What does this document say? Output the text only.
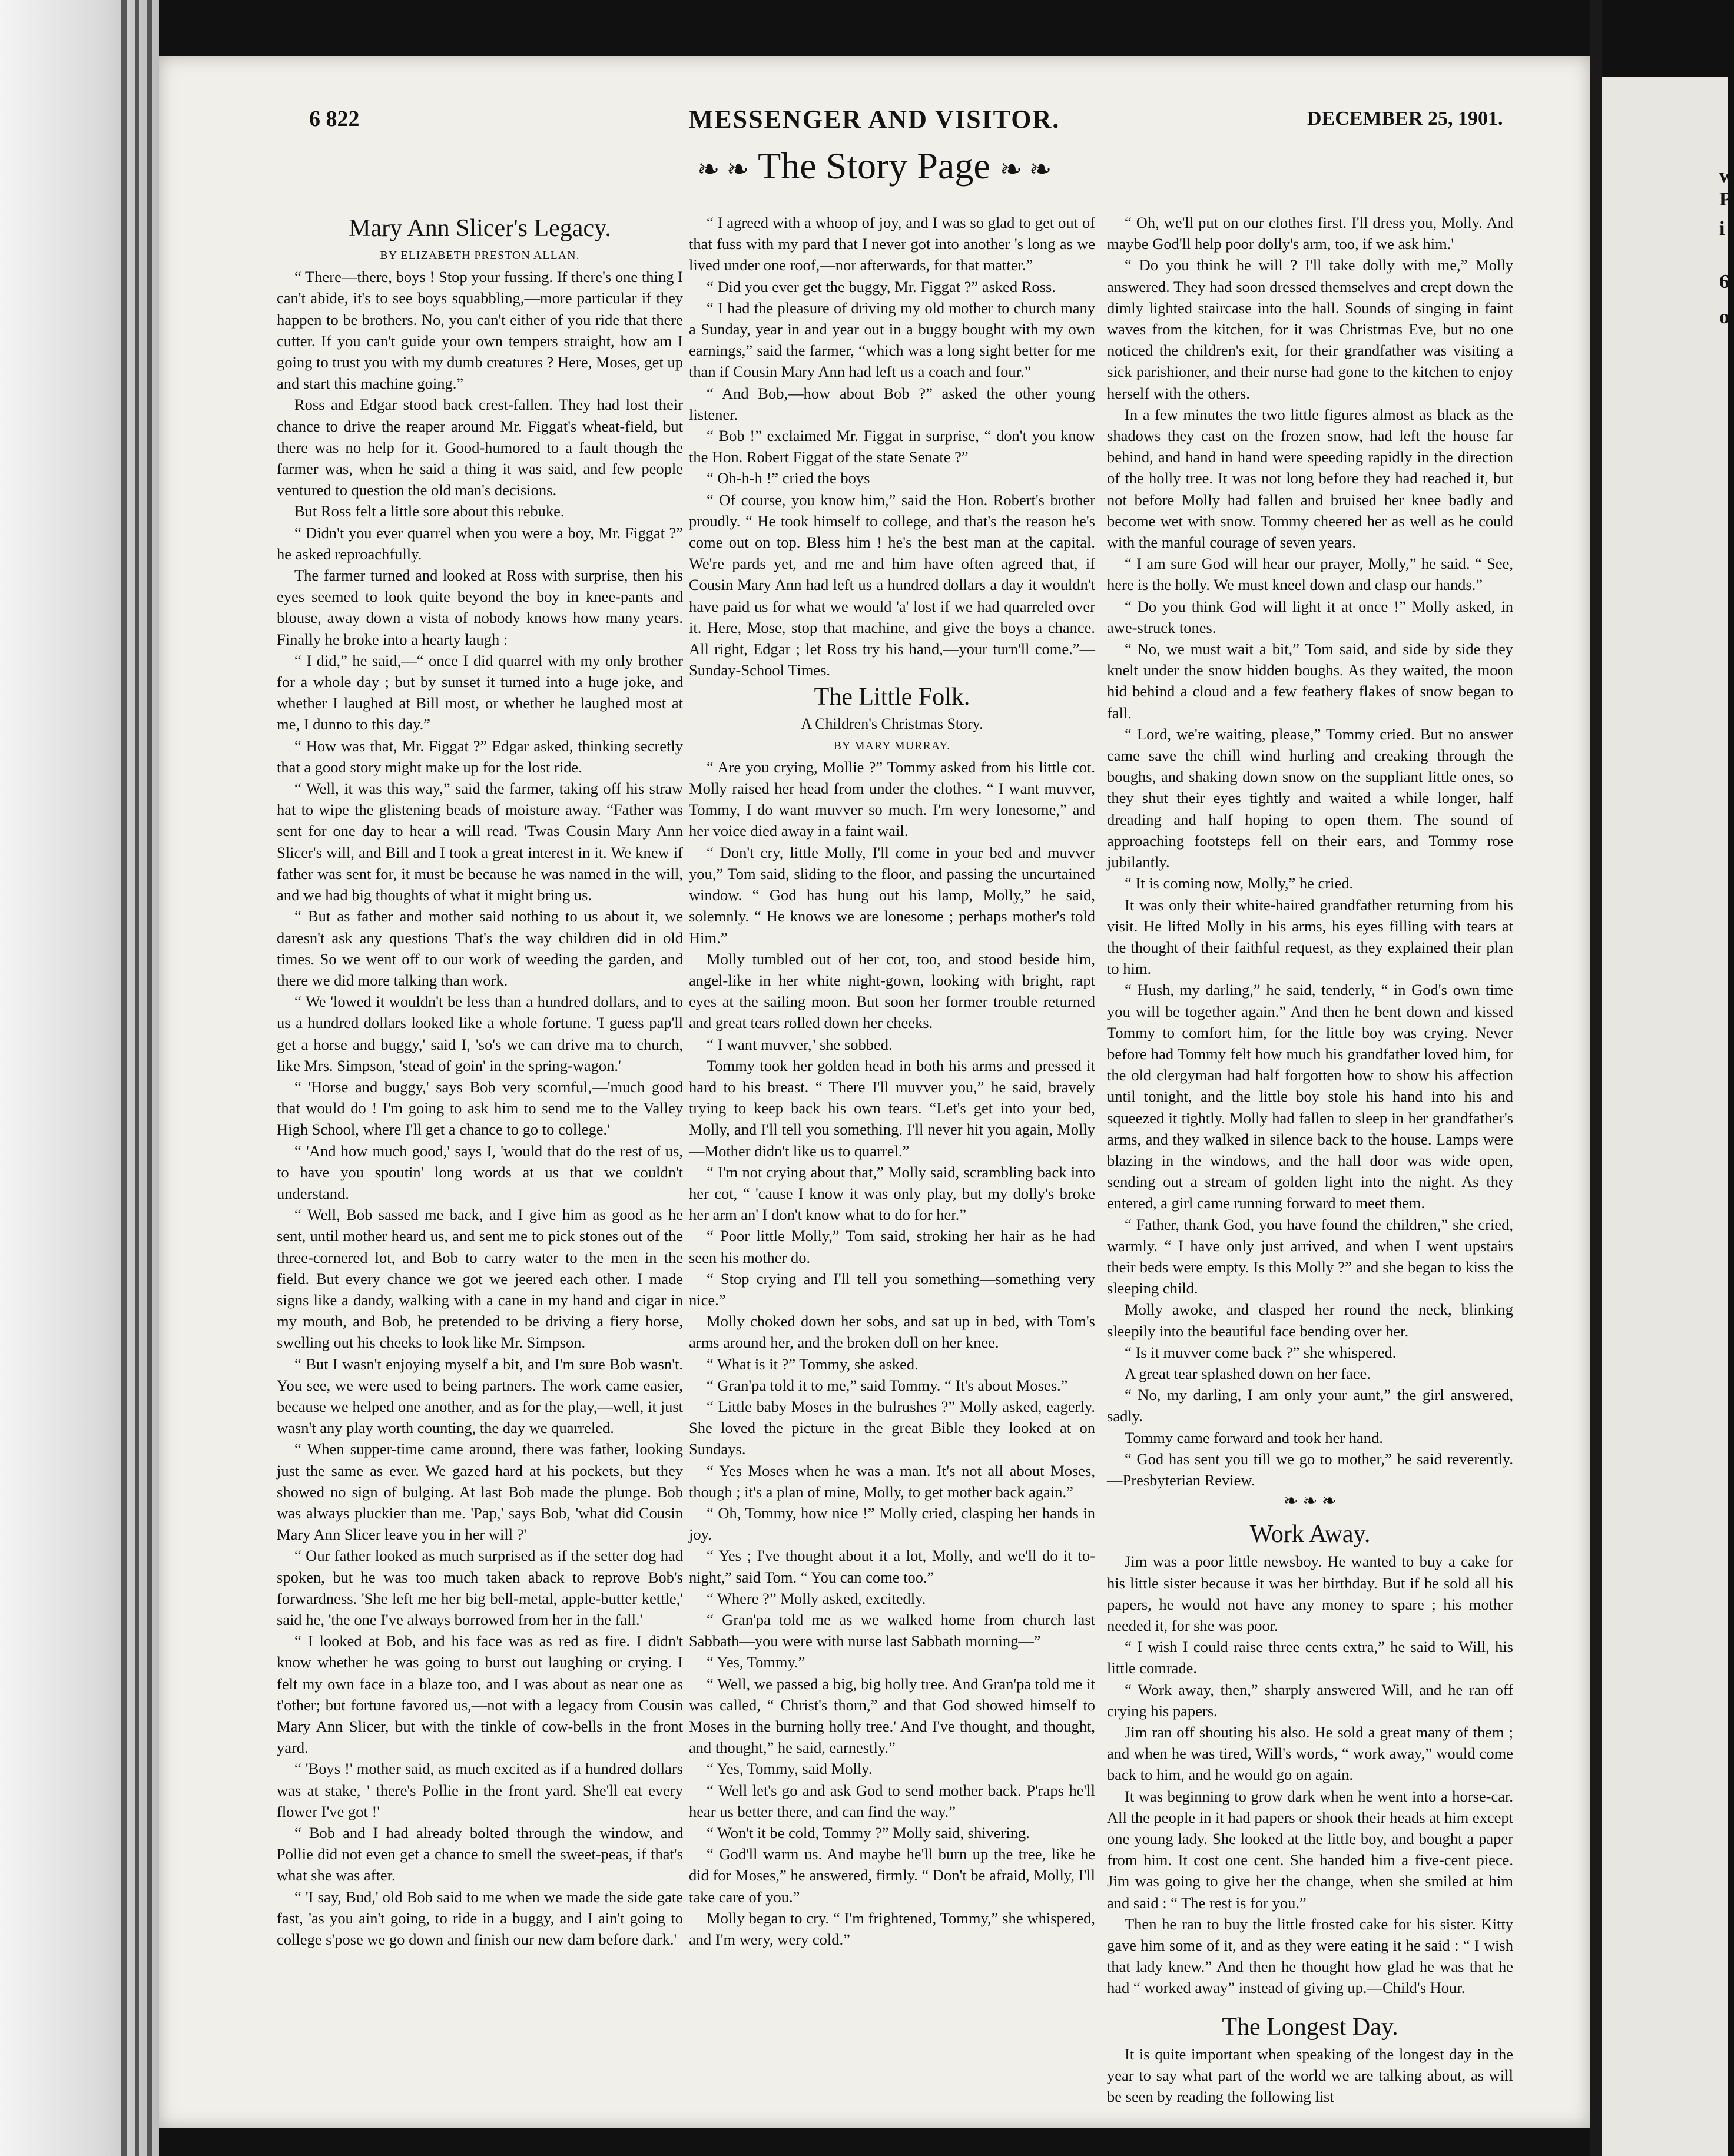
6 822	MESSENGER AND VISITOR.	DECEMBER 25, 1901.
❧ ❧ The Story Page ❧ ❧

Mary Ann Slicer's Legacy.

BY ELIZABETH PRESTON ALLAN.

“ There—there, boys ! Stop your fussing. If there's one thing I can't abide, it's to see boys squabbling,—more particular if they happen to be brothers. No, you can't either of you ride that there cutter. If you can't guide your own tempers straight, how am I going to trust you with my dumb creatures ? Here, Moses, get up and start this machine going.”

Ross and Edgar stood back crest-fallen. They had lost their chance to drive the reaper around Mr. Figgat's wheat-field, but there was no help for it. Good-humored to a fault though the farmer was, when he said a thing it was said, and few people ventured to question the old man's decisions.

But Ross felt a little sore about this rebuke.

“ Didn't you ever quarrel when you were a boy, Mr. Figgat ?” he asked reproachfully.

The farmer turned and looked at Ross with surprise, then his eyes seemed to look quite beyond the boy in knee-pants and blouse, away down a vista of nobody knows how many years. Finally he broke into a hearty laugh :

“ I did,” he said,—“ once I did quarrel with my only brother for a whole day ; but by sunset it turned into a huge joke, and whether I laughed at Bill most, or whether he laughed most at me, I dunno to this day.”

“ How was that, Mr. Figgat ?” Edgar asked, thinking secretly that a good story might make up for the lost ride.

“ Well, it was this way,” said the farmer, taking off his straw hat to wipe the glistening beads of moisture away. “Father was sent for one day to hear a will read. 'Twas Cousin Mary Ann Slicer's will, and Bill and I took a great interest in it. We knew if father was sent for, it must be because he was named in the will, and we had big thoughts of what it might bring us.

“ But as father and mother said nothing to us about it, we daresn't ask any questions That's the way children did in old times. So we went off to our work of weeding the garden, and there we did more talking than work.

“ We 'lowed it wouldn't be less than a hundred dollars, and to us a hundred dollars looked like a whole fortune. 'I guess pap'll get a horse and buggy,' said I, 'so's we can drive ma to church, like Mrs. Simpson, 'stead of goin' in the spring-wagon.'

“ 'Horse and buggy,' says Bob very scornful,—'much good that would do ! I'm going to ask him to send me to the Valley High School, where I'll get a chance to go to college.'

“ 'And how much good,' says I, 'would that do the rest of us, to have you spoutin' long words at us that we couldn't understand.

“ Well, Bob sassed me back, and I give him as good as he sent, until mother heard us, and sent me to pick stones out of the three-cornered lot, and Bob to carry water to the men in the field. But every chance we got we jeered each other. I made signs like a dandy, walking with a cane in my hand and cigar in my mouth, and Bob, he pretended to be driving a fiery horse, swelling out his cheeks to look like Mr. Simpson.

“ But I wasn't enjoying myself a bit, and I'm sure Bob wasn't. You see, we were used to being partners. The work came easier, because we helped one another, and as for the play,—well, it just wasn't any play worth counting, the day we quarreled.

“ When supper-time came around, there was father, looking just the same as ever. We gazed hard at his pockets, but they showed no sign of bulging. At last Bob made the plunge. Bob was always pluckier than me. 'Pap,' says Bob, 'what did Cousin Mary Ann Slicer leave you in her will ?'

“ Our father looked as much surprised as if the setter dog had spoken, but he was too much taken aback to reprove Bob's forwardness. 'She left me her big bell-metal, apple-butter kettle,' said he, 'the one I've always borrowed from her in the fall.'

“ I looked at Bob, and his face was as red as fire. I didn't know whether he was going to burst out laughing or crying. I felt my own face in a blaze too, and I was about as near one as t'other; but fortune favored us,—not with a legacy from Cousin Mary Ann Slicer, but with the tinkle of cow-bells in the front yard.

“ 'Boys !' mother said, as much excited as if a hundred dollars was at stake, ' there's Pollie in the front yard. She'll eat every flower I've got !'

“ Bob and I had already bolted through the window, and Pollie did not even get a chance to smell the sweet-peas, if that's what she was after.

“ 'I say, Bud,' old Bob said to me when we made the side gate fast, 'as you ain't going, to ride in a buggy, and I ain't going to college s'pose we go down and finish our new dam before dark.'

“ I agreed with a whoop of joy, and I was so glad to get out of that fuss with my pard that I never got into another 's long as we lived under one roof,—nor afterwards, for that matter.”

“ Did you ever get the buggy, Mr. Figgat ?” asked Ross.

“ I had the pleasure of driving my old mother to church many a Sunday, year in and year out in a buggy bought with my own earnings,” said the farmer, “which was a long sight better for me than if Cousin Mary Ann had left us a coach and four.”

“ And Bob,—how about Bob ?” asked the other young listener.

“ Bob !” exclaimed Mr. Figgat in surprise, “ don't you know the Hon. Robert Figgat of the state Senate ?”

“ Oh-h-h !” cried the boys

“ Of course, you know him,” said the Hon. Robert's brother proudly. “ He took himself to college, and that's the reason he's come out on top. Bless him ! he's the best man at the capital. We're pards yet, and me and him have often agreed that, if Cousin Mary Ann had left us a hundred dollars a day it wouldn't have paid us for what we would 'a' lost if we had quarreled over it. Here, Mose, stop that machine, and give the boys a chance. All right, Edgar ; let Ross try his hand,—your turn'll come.”—Sunday-School Times.

The Little Folk.

A Children's Christmas Story.

BY MARY MURRAY.

“ Are you crying, Mollie ?” Tommy asked from his little cot. Molly raised her head from under the clothes. “ I want muvver, Tommy, I do want muvver so much. I'm wery lonesome,” and her voice died away in a faint wail.

“ Don't cry, little Molly, I'll come in your bed and muvver you,” Tom said, sliding to the floor, and passing the uncurtained window. “ God has hung out his lamp, Molly,” he said, solemnly. “ He knows we are lonesome ; perhaps mother's told Him.”

Molly tumbled out of her cot, too, and stood beside him, angel-like in her white night-gown, looking with bright, rapt eyes at the sailing moon. But soon her former trouble returned and great tears rolled down her cheeks.

“ I want muvver,’ she sobbed.

Tommy took her golden head in both his arms and pressed it hard to his breast. “ There I'll muvver you,” he said, bravely trying to keep back his own tears. “Let's get into your bed, Molly, and I'll tell you something. I'll never hit you again, Molly—Mother didn't like us to quarrel.”

“ I'm not crying about that,” Molly said, scrambling back into her cot, “ 'cause I know it was only play, but my dolly's broke her arm an' I don't know what to do for her.”

“ Poor little Molly,” Tom said, stroking her hair as he had seen his mother do.

“ Stop crying and I'll tell you something—something very nice.”

Molly choked down her sobs, and sat up in bed, with Tom's arms around her, and the broken doll on her knee.

“ What is it ?” Tommy, she asked.

“ Gran'pa told it to me,” said Tommy. “ It's about Moses.”

“ Little baby Moses in the bulrushes ?” Molly asked, eagerly. She loved the picture in the great Bible they looked at on Sundays.

“ Yes Moses when he was a man. It's not all about Moses, though ; it's a plan of mine, Molly, to get mother back again.”

“ Oh, Tommy, how nice !” Molly cried, clasping her hands in joy.

“ Yes ; I've thought about it a lot, Molly, and we'll do it to-night,” said Tom. “ You can come too.”

“ Where ?” Molly asked, excitedly.

“ Gran'pa told me as we walked home from church last Sabbath—you were with nurse last Sabbath morning—”

“ Yes, Tommy.”

“ Well, we passed a big, big holly tree. And Gran'pa told me it was called, “ Christ's thorn,” and that God showed himself to Moses in the burning holly tree.' And I've thought, and thought, and thought,” he said, earnestly.”

“ Yes, Tommy, said Molly.

“ Well let's go and ask God to send mother back. P'raps he'll hear us better there, and can find the way.”

“ Won't it be cold, Tommy ?” Molly said, shivering.

“ God'll warm us. And maybe he'll burn up the tree, like he did for Moses,” he answered, firmly. “ Don't be afraid, Molly, I'll take care of you.”

Molly began to cry. “ I'm frightened, Tommy,” she whispered, and I'm wery, wery cold.”

“ Oh, we'll put on our clothes first. I'll dress you, Molly. And maybe God'll help poor dolly's arm, too, if we ask him.'

“ Do you think he will ? I'll take dolly with me,” Molly answered. They had soon dressed themselves and crept down the dimly lighted staircase into the hall. Sounds of singing in faint waves from the kitchen, for it was Christmas Eve, but no one noticed the children's exit, for their grandfather was visiting a sick parishioner, and their nurse had gone to the kitchen to enjoy herself with the others.

In a few minutes the two little figures almost as black as the shadows they cast on the frozen snow, had left the house far behind, and hand in hand were speeding rapidly in the direction of the holly tree. It was not long before they had reached it, but not before Molly had fallen and bruised her knee badly and become wet with snow. Tommy cheered her as well as he could with the manful courage of seven years.

“ I am sure God will hear our prayer, Molly,” he said. “ See, here is the holly. We must kneel down and clasp our hands.”

“ Do you think God will light it at once !” Molly asked, in awe-struck tones.

“ No, we must wait a bit,” Tom said, and side by side they knelt under the snow hidden boughs. As they waited, the moon hid behind a cloud and a few feathery flakes of snow began to fall.

“ Lord, we're waiting, please,” Tommy cried. But no answer came save the chill wind hurling and creaking through the boughs, and shaking down snow on the suppliant little ones, so they shut their eyes tightly and waited a while longer, half dreading and half hoping to open them. The sound of approaching footsteps fell on their ears, and Tommy rose jubilantly.

“ It is coming now, Molly,” he cried.

It was only their white-haired grandfather returning from his visit. He lifted Molly in his arms, his eyes filling with tears at the thought of their faithful request, as they explained their plan to him.

“ Hush, my darling,” he said, tenderly, “ in God's own time you will be together again.” And then he bent down and kissed Tommy to comfort him, for the little boy was crying. Never before had Tommy felt how much his grandfather loved him, for the old clergyman had half forgotten how to show his affection until tonight, and the little boy stole his hand into his and squeezed it tightly. Molly had fallen to sleep in her grandfather's arms, and they walked in silence back to the house. Lamps were blazing in the windows, and the hall door was wide open, sending out a stream of golden light into the night. As they entered, a girl came running forward to meet them.

“ Father, thank God, you have found the children,” she cried, warmly. “ I have only just arrived, and when I went upstairs their beds were empty. Is this Molly ?” and she began to kiss the sleeping child.

Molly awoke, and clasped her round the neck, blinking sleepily into the beautiful face bending over her.

“ Is it muvver come back ?” she whispered.

A great tear splashed down on her face.

“ No, my darling, I am only your aunt,” the girl answered, sadly.

Tommy came forward and took her hand.

“ God has sent you till we go to mother,” he said reverently.—Presbyterian Review.

❧ ❧ ❧

Work Away.

Jim was a poor little newsboy. He wanted to buy a cake for his little sister because it was her birthday. But if he sold all his papers, he would not have any money to spare ; his mother needed it, for she was poor.

“ I wish I could raise three cents extra,” he said to Will, his little comrade.

“ Work away, then,” sharply answered Will, and he ran off crying his papers.

Jim ran off shouting his also. He sold a great many of them ; and when he was tired, Will's words, “ work away,” would come back to him, and he would go on again.

It was beginning to grow dark when he went into a horse-car. All the people in it had papers or shook their heads at him except one young lady. She looked at the little boy, and bought a paper from him. It cost one cent. She handed him a five-cent piece. Jim was going to give her the change, when she smiled at him and said : “ The rest is for you.”

Then he ran to buy the little frosted cake for his sister. Kitty gave him some of it, and as they were eating it he said : “ I wish that lady knew.” And then he thought how glad he was that he had “ worked away” instead of giving up.—Child's Hour.

The Longest Day.

It is quite important when speaking of the longest day in the year to say what part of the world we are talking about, as will be seen by reading the following list

w
P
i
6
o
